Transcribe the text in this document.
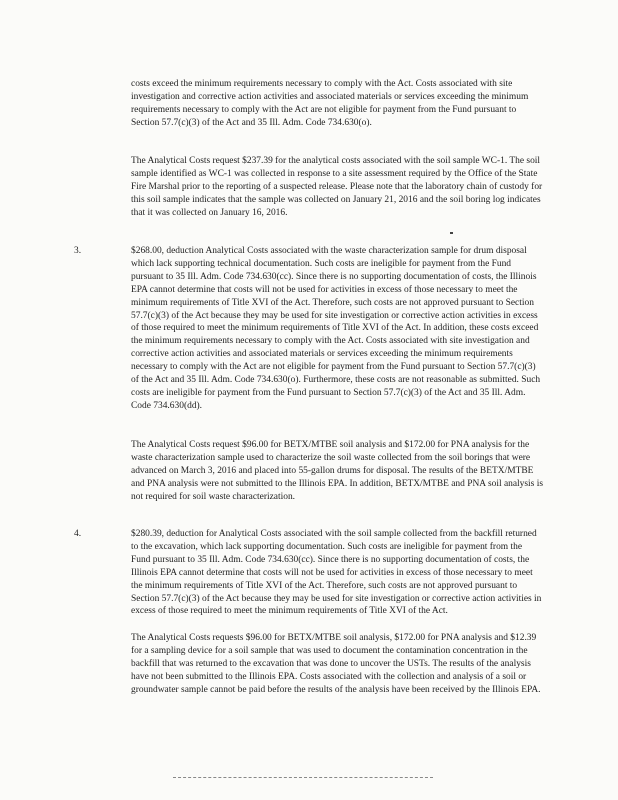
costs exceed the minimum requirements necessary to comply with the Act. Costs associated with site investigation and corrective action activities and associated materials or services exceeding the minimum requirements necessary to comply with the Act are not eligible for payment from the Fund pursuant to Section 57.7(c)(3) of the Act and 35 Ill. Adm. Code 734.630(o).

The Analytical Costs request $237.39 for the analytical costs associated with the soil sample WC-1. The soil sample identified as WC-1 was collected in response to a site assessment required by the Office of the State Fire Marshal prior to the reporting of a suspected release. Please note that the laboratory chain of custody for this soil sample indicates that the sample was collected on January 21, 2016 and the soil boring log indicates that it was collected on January 16, 2016.

3.	$268.00, deduction Analytical Costs associated with the waste characterization sample for drum disposal which lack supporting technical documentation. Such costs are ineligible for payment from the Fund pursuant to 35 Ill. Adm. Code 734.630(cc). Since there is no supporting documentation of costs, the Illinois EPA cannot determine that costs will not be used for activities in excess of those necessary to meet the minimum requirements of Title XVI of the Act. Therefore, such costs are not approved pursuant to Section 57.7(c)(3) of the Act because they may be used for site investigation or corrective action activities in excess of those required to meet the minimum requirements of Title XVI of the Act. In addition, these costs exceed the minimum requirements necessary to comply with the Act. Costs associated with site investigation and corrective action activities and associated materials or services exceeding the minimum requirements necessary to comply with the Act are not eligible for payment from the Fund pursuant to Section 57.7(c)(3) of the Act and 35 Ill. Adm. Code 734.630(o). Furthermore, these costs are not reasonable as submitted. Such costs are ineligible for payment from the Fund pursuant to Section 57.7(c)(3) of the Act and 35 Ill. Adm. Code 734.630(dd).

The Analytical Costs request $96.00 for BETX/MTBE soil analysis and $172.00 for PNA analysis for the waste characterization sample used to characterize the soil waste collected from the soil borings that were advanced on March 3, 2016 and placed into 55-gallon drums for disposal. The results of the BETX/MTBE and PNA analysis were not submitted to the Illinois EPA. In addition, BETX/MTBE and PNA soil analysis is not required for soil waste characterization.

4.	$280.39, deduction for Analytical Costs associated with the soil sample collected from the backfill returned to the excavation, which lack supporting documentation. Such costs are ineligible for payment from the Fund pursuant to 35 Ill. Adm. Code 734.630(cc). Since there is no supporting documentation of costs, the Illinois EPA cannot determine that costs will not be used for activities in excess of those necessary to meet the minimum requirements of Title XVI of the Act. Therefore, such costs are not approved pursuant to Section 57.7(c)(3) of the Act because they may be used for site investigation or corrective action activities in excess of those required to meet the minimum requirements of Title XVI of the Act.

The Analytical Costs requests $96.00 for BETX/MTBE soil analysis, $172.00 for PNA analysis and $12.39 for a sampling device for a soil sample that was used to document the contamination concentration in the backfill that was returned to the excavation that was done to uncover the USTs. The results of the analysis have not been submitted to the Illinois EPA. Costs associated with the collection and analysis of a soil or groundwater sample cannot be paid before the results of the analysis have been received by the Illinois EPA.
